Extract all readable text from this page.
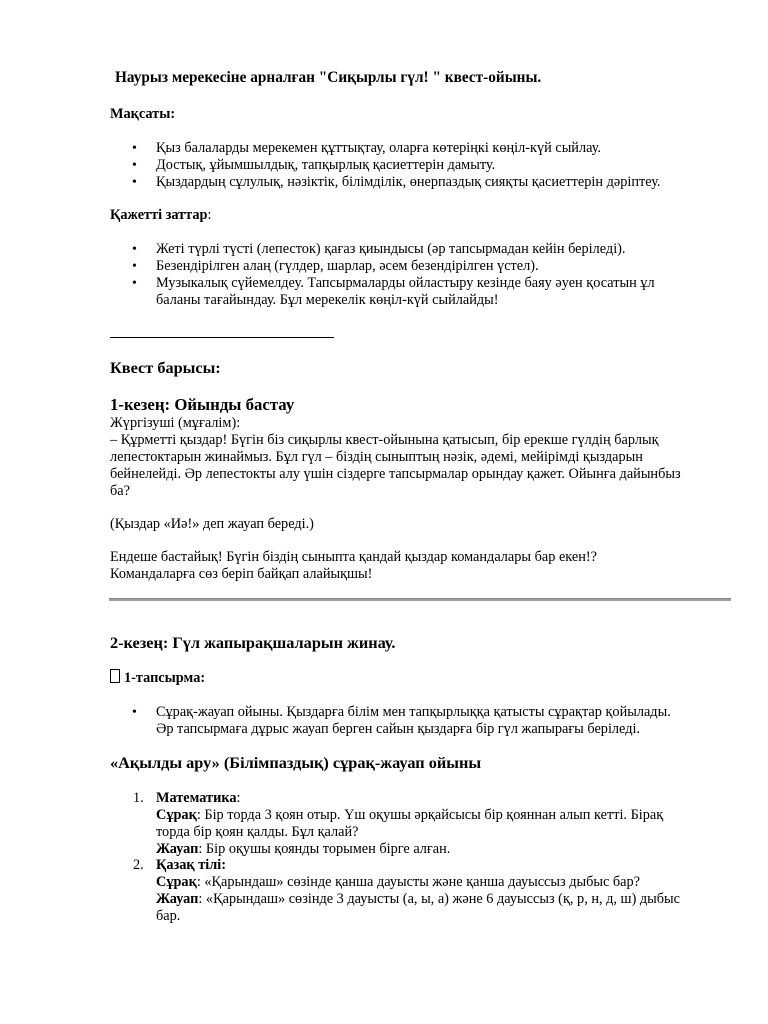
Наурыз мерекесіне арналған "Сиқырлы гүл! " квест-ойыны.
Мақсаты:
Қыз балаларды мерекемен құттықтау, оларға көтеріңкі көңіл-күй сыйлау.
Достық, ұйымшылдық, тапқырлық қасиеттерін дамыту.
Қыздардың сұлулық, нәзіктік, білімділік, өнерпаздық сияқты қасиеттерін дәріптеу.
Қажетті заттар:
Жеті түрлі түсті (лепесток) қағаз қиындысы (әр тапсырмадан кейін беріледі).
Безендірілген алаң (гүлдер, шарлар, әсем безендірілген үстел).
Музыкалық сүйемелдеу. Тапсырмаларды ойластыру кезінде баяу әуен қосатын ұл
баланы тағайындау. Бұл мерекелік көңіл-күй сыйлайды!
Квест барысы:
1-кезең: Ойынды бастау
Жүргізуші (мұғалім):
– Құрметті қыздар! Бүгін біз сиқырлы квест-ойынына қатысып, бір ерекше гүлдің барлық
лепестоктарын жинаймыз. Бұл гүл – біздің сыныптың нәзік, әдемі, мейірімді қыздарын
бейнелейді. Әр лепестокты алу үшін сіздерге тапсырмалар орындау қажет. Ойынға дайынбыз
ба?
(Қыздар «Иә!» деп жауап береді.)
Ендеше бастайық! Бүгін біздің сыныпта қандай қыздар командалары бар екен!?
Командаларға сөз беріп байқап алайықшы!
2-кезең: Гүл жапырақшаларын жинау.
1-тапсырма:
Сұрақ-жауап ойыны. Қыздарға білім мен тапқырлыққа қатысты сұрақтар қойылады.
Әр тапсырмаға дұрыс жауап берген сайын қыздарға бір гүл жапырағы беріледі.
«Ақылды ару» (Білімпаздық) сұрақ-жауап ойыны
1. Математика:
Сұрақ: Бір торда 3 қоян отыр. Үш оқушы әрқайсысы бір қояннан алып кетті. Бірақ
торда бір қоян қалды. Бұл қалай?
Жауап: Бір оқушы қоянды торымен бірге алған.
2. Қазақ тілі:
Сұрақ: «Қарындаш» сөзінде қанша дауысты және қанша дауыссыз дыбыс бар?
Жауап: «Қарындаш» сөзінде 3 дауысты (а, ы, а) және 6 дауыссыз (қ, р, н, д, ш) дыбыс
бар.
